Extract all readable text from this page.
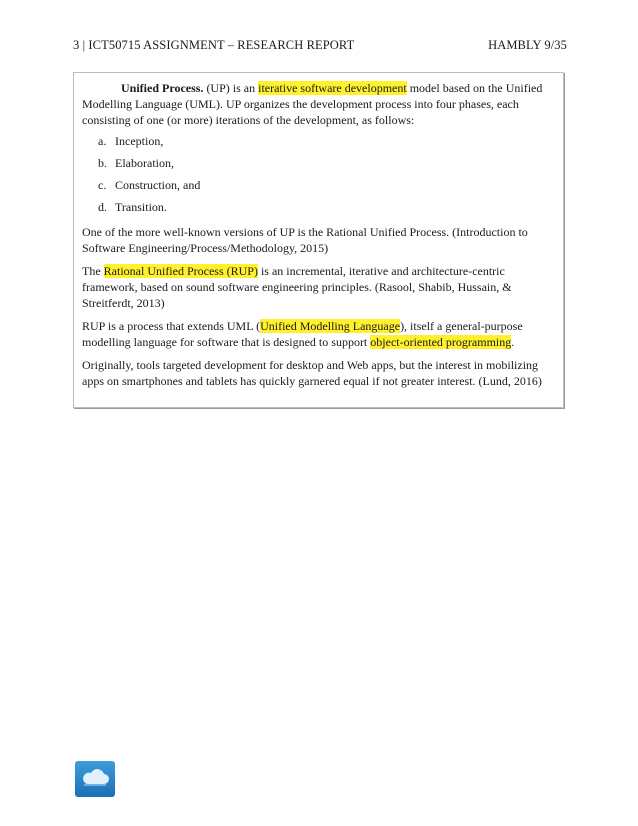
3 | ICT50715 ASSIGNMENT – RESEARCH REPORT	HAMBLY 9/35

Unified Process. (UP) is an iterative software development model based on the Unified Modelling Language (UML). UP organizes the development process into four phases, each consisting of one (or more) iterations of the development, as follows:

a. Inception,
b. Elaboration,
c. Construction, and
d. Transition.

One of the more well-known versions of UP is the Rational Unified Process. (Introduction to Software Engineering/Process/Methodology, 2015)

The Rational Unified Process (RUP) is an incremental, iterative and architecture-centric framework, based on sound software engineering principles. (Rasool, Shabib, Hussain, & Streitferdt, 2013)

RUP is a process that extends UML (Unified Modelling Language), itself a general-purpose modelling language for software that is designed to support object-oriented programming.

Originally, tools targeted development for desktop and Web apps, but the interest in mobilizing apps on smartphones and tablets has quickly garnered equal if not greater interest. (Lund, 2016)
